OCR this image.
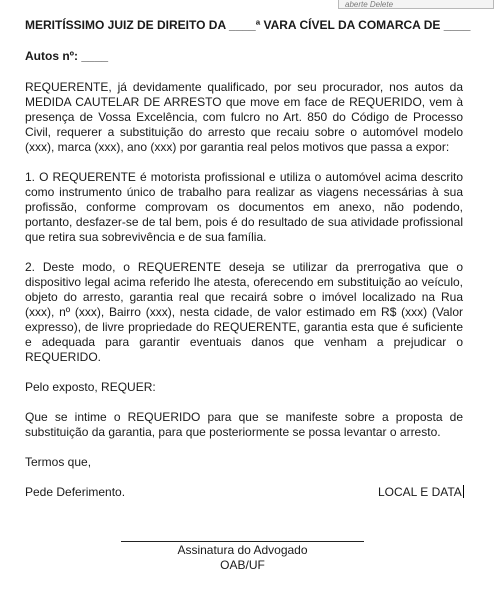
aberte Delete
MERITÍSSIMO JUIZ DE DIREITO DA ____ª VARA CÍVEL DA COMARCA DE ____
Autos nº: ____

REQUERENTE, já devidamente qualificado, por seu procurador, nos autos da MEDIDA CAUTELAR DE ARRESTO que move em face de REQUERIDO, vem à presença de Vossa Excelência, com fulcro no Art. 850 do Código de Processo Civil, requerer a substituição do arresto que recaiu sobre o automóvel modelo (xxx), marca (xxx), ano (xxx) por garantia real pelos motivos que passa a expor:

1. O REQUERENTE é motorista profissional e utiliza o automóvel acima descrito como instrumento único de trabalho para realizar as viagens necessárias à sua profissão, conforme comprovam os documentos em anexo, não podendo, portanto, desfazer-se de tal bem, pois é do resultado de sua atividade profissional que retira sua sobrevivência e de sua família.

2. Deste modo, o REQUERENTE deseja se utilizar da prerrogativa que o dispositivo legal acima referido lhe atesta, oferecendo em substituição ao veículo, objeto do arresto, garantia real que recairá sobre o imóvel localizado na Rua (xxx), nº (xxx), Bairro (xxx), nesta cidade, de valor estimado em R$ (xxx) (Valor expresso), de livre propriedade do REQUERENTE, garantia esta que é suficiente e adequada para garantir eventuais danos que venham a prejudicar o REQUERIDO.

Pelo exposto, REQUER:

Que se intime o REQUERIDO para que se manifeste sobre a proposta de substituição da garantia, para que posteriormente se possa levantar o arresto.

Termos que,

Pede Deferimento.	LOCAL E DATA
Assinatura do Advogado
OAB/UF
